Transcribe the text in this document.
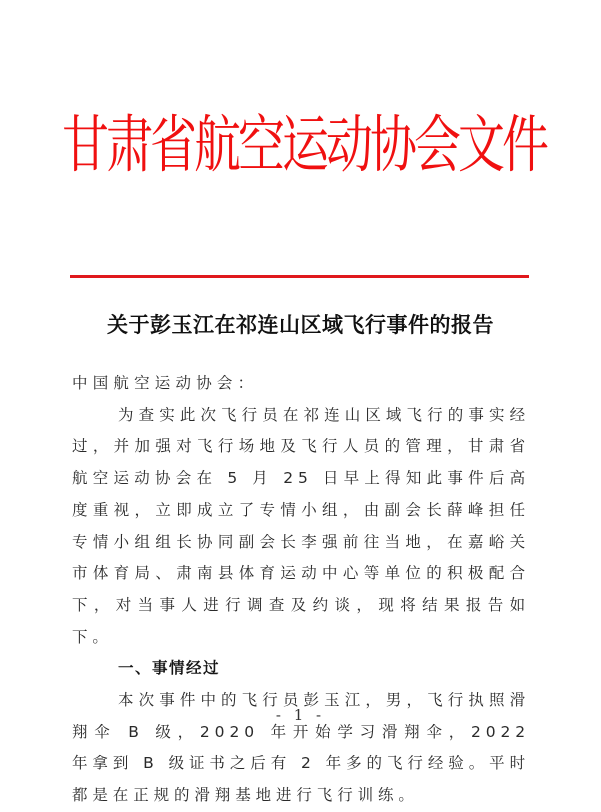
甘肃省航空运动协会文件
关于彭玉江在祁连山区域飞行事件的报告

中国航空运动协会：

为查实此次飞行员在祁连山区域飞行的事实经过，并加强对飞行场地及飞行人员的管理，甘肃省航空运动协会在 5 月 25 日早上得知此事件后高度重视，立即成立了专情小组，由副会长薛峰担任专情小组组长协同副会长李强前往当地，在嘉峪关市体育局、肃南县体育运动中心等单位的积极配合下，对当事人进行调查及约谈，现将结果报告如下。

一、事情经过

本次事件中的飞行员彭玉江，男，飞行执照滑翔伞 B 级，2020 年开始学习滑翔伞，2022 年拿到 B 级证书之后有 2 年多的飞行经验。平时都是在正规的滑翔基地进行飞行训练。

- 1 -
